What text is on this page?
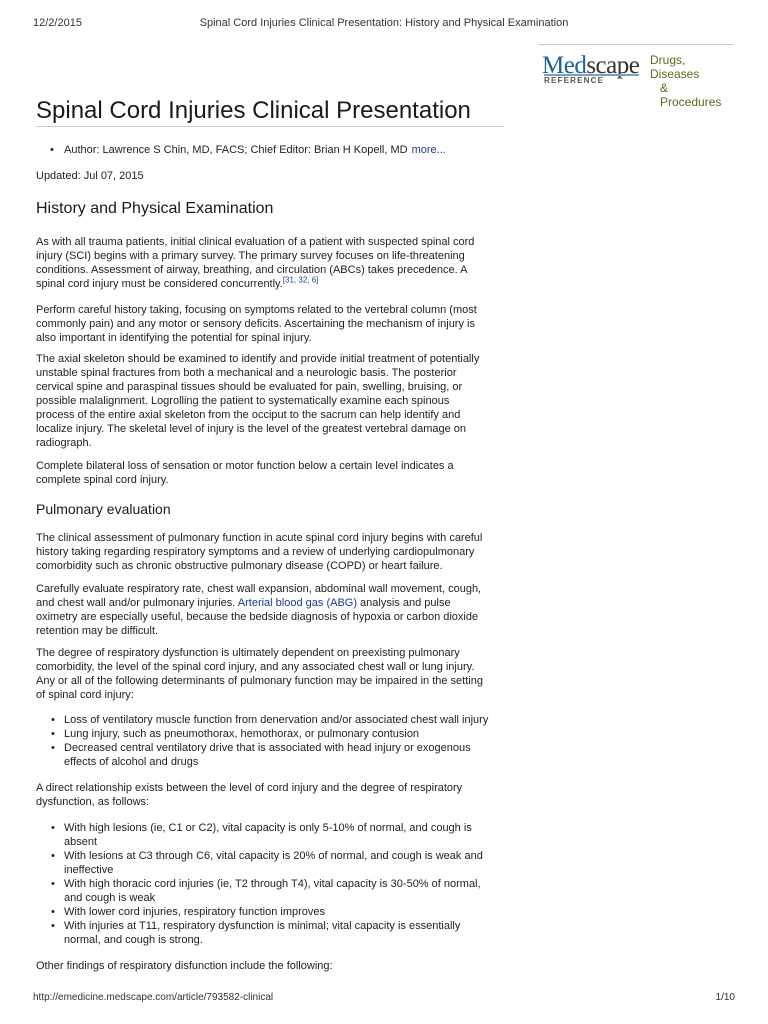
12/2/2015	Spinal Cord Injuries Clinical Presentation: History and Physical Examination
Medscape
REFERENCE
Drugs, Diseases
& Procedures
Spinal Cord Injuries Clinical Presentation
• Author: Lawrence S Chin, MD, FACS; Chief Editor: Brian H Kopell, MD more...
Updated: Jul 07, 2015
History and Physical Examination

As with all trauma patients, initial clinical evaluation of a patient with suspected spinal cord injury (SCI) begins with a primary survey. The primary survey focuses on life-threatening conditions. Assessment of airway, breathing, and circulation (ABCs) takes precedence. A spinal cord injury must be considered concurrently.[31, 32, 6]

Perform careful history taking, focusing on symptoms related to the vertebral column (most commonly pain) and any motor or sensory deficits. Ascertaining the mechanism of injury is also important in identifying the potential for spinal injury.

The axial skeleton should be examined to identify and provide initial treatment of potentially unstable spinal fractures from both a mechanical and a neurologic basis. The posterior cervical spine and paraspinal tissues should be evaluated for pain, swelling, bruising, or possible malalignment. Logrolling the patient to systematically examine each spinous process of the entire axial skeleton from the occiput to the sacrum can help identify and localize injury. The skeletal level of injury is the level of the greatest vertebral damage on radiograph.

Complete bilateral loss of sensation or motor function below a certain level indicates a complete spinal cord injury.

Pulmonary evaluation

The clinical assessment of pulmonary function in acute spinal cord injury begins with careful history taking regarding respiratory symptoms and a review of underlying cardiopulmonary comorbidity such as chronic obstructive pulmonary disease (COPD) or heart failure.

Carefully evaluate respiratory rate, chest wall expansion, abdominal wall movement, cough, and chest wall and/or pulmonary injuries. Arterial blood gas (ABG) analysis and pulse oximetry are especially useful, because the bedside diagnosis of hypoxia or carbon dioxide retention may be difficult.

The degree of respiratory dysfunction is ultimately dependent on preexisting pulmonary comorbidity, the level of the spinal cord injury, and any associated chest wall or lung injury. Any or all of the following determinants of pulmonary function may be impaired in the setting of spinal cord injury:

• Loss of ventilatory muscle function from denervation and/or associated chest wall injury
• Lung injury, such as pneumothorax, hemothorax, or pulmonary contusion
• Decreased central ventilatory drive that is associated with head injury or exogenous effects of alcohol and drugs

A direct relationship exists between the level of cord injury and the degree of respiratory dysfunction, as follows:

• With high lesions (ie, C1 or C2), vital capacity is only 5-10% of normal, and cough is absent
• With lesions at C3 through C6, vital capacity is 20% of normal, and cough is weak and ineffective
• With high thoracic cord injuries (ie, T2 through T4), vital capacity is 30-50% of normal, and cough is weak
• With lower cord injuries, respiratory function improves
• With injuries at T11, respiratory dysfunction is minimal; vital capacity is essentially normal, and cough is strong.

Other findings of respiratory disfunction include the following:

http://emedicine.medscape.com/article/793582-clinical	1/10
